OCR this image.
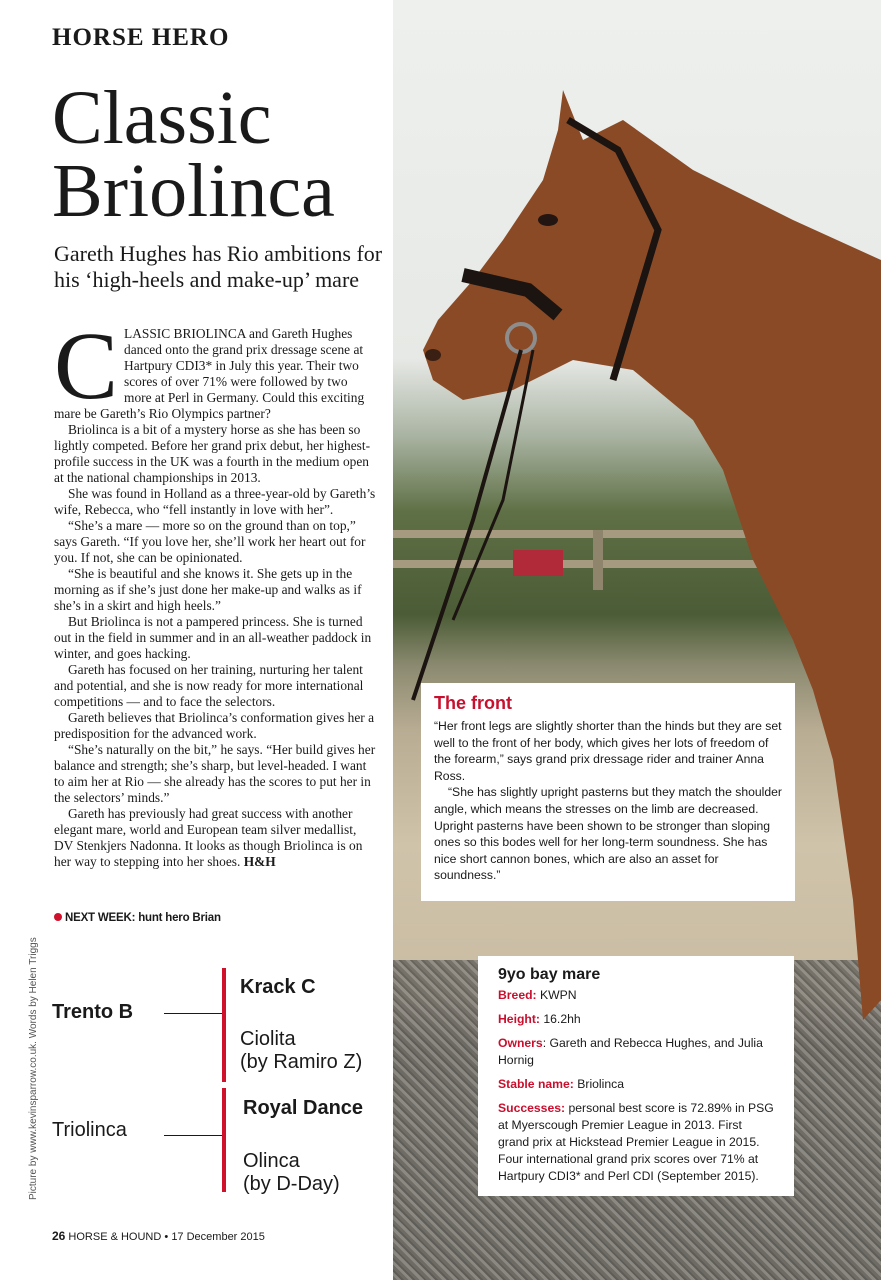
HORSE HERO
Classic
Briolinca

Gareth Hughes has Rio ambitions for his ‘high-heels and make-up’ mare

CLASSIC BRIOLINCA and Gareth Hughes danced onto the grand prix dressage scene at Hartpury CDI3* in July this year. Their two scores of over 71% were followed by two more at Perl in Germany. Could this exciting mare be Gareth’s Rio Olympics partner?

Briolinca is a bit of a mystery horse as she has been so lightly competed. Before her grand prix debut, her highest-profile success in the UK was a fourth in the medium open at the national championships in 2013.

She was found in Holland as a three-year-old by Gareth’s wife, Rebecca, who “fell instantly in love with her”.

“She’s a mare — more so on the ground than on top,” says Gareth. “If you love her, she’ll work her heart out for you. If not, she can be opinionated.

“She is beautiful and she knows it. She gets up in the morning as if she’s just done her make-up and walks as if she’s in a skirt and high heels.”

But Briolinca is not a pampered princess. She is turned out in the field in summer and in an all-weather paddock in winter, and goes hacking.

Gareth has focused on her training, nurturing her talent and potential, and she is now ready for more international competitions — and to face the selectors.

Gareth believes that Briolinca’s conformation gives her a predisposition for the advanced work.

“She’s naturally on the bit,” he says. “Her build gives her balance and strength; she’s sharp, but level-headed. I want to aim her at Rio — she already has the scores to put her in the selectors’ minds.”

Gareth has previously had great success with another elegant mare, world and European team silver medallist, DV Stenkjers Nadonna. It looks as though Briolinca is on her way to stepping into her shoes. H&H

NEXT WEEK: hunt hero Brian
Picture by www.kevinsparrow.co.uk. Words by Helen Triggs Trento B
Triolinca
Krack C
Ciolita
(by Ramiro Z)
Royal Dance
Olinca
(by D-Day)
26 HORSE & HOUND • 17 December 2015
The front

“Her front legs are slightly shorter than the hinds but they are set well to the front of her body, which gives her lots of freedom of the forearm,” says grand prix dressage rider and trainer Anna Ross.

“She has slightly upright pasterns but they match the shoulder angle, which means the stresses on the limb are decreased. Upright pasterns have been shown to be stronger than sloping ones so this bodes well for her long-term soundness. She has nice short cannon bones, which are also an asset for soundness.”

9yo bay mare
Breed: KWPN
Height: 16.2hh
Owners: Gareth and Rebecca Hughes, and Julia Hornig
Stable name: Briolinca
Successes: personal best score is 72.89% in PSG at Myerscough Premier League in 2013. First grand prix at Hickstead Premier League in 2015. Four international grand prix scores over 71% at Hartpury CDI3* and Perl CDI (September 2015).
